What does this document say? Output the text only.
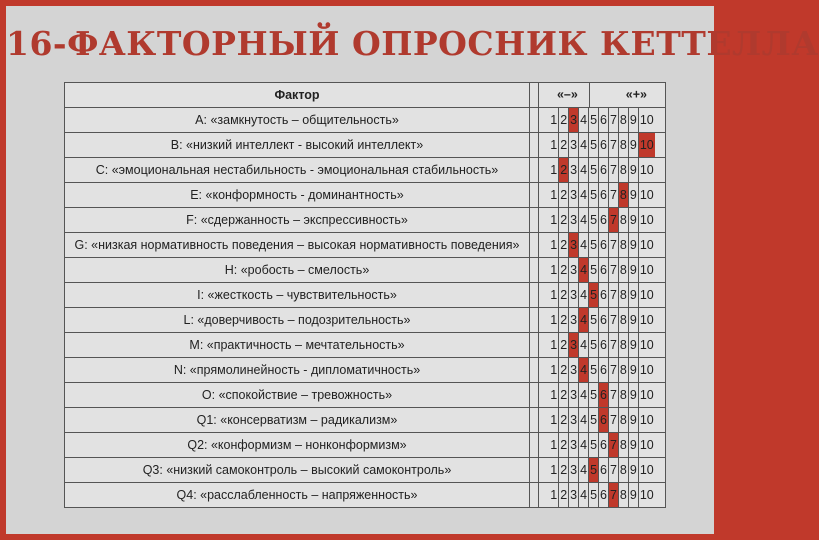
16-ФАКТОРНЫЙ ОПРОСНИК КЕТТЕЛЛА
Фактор		«–» «+»
А: «замкнутость – общительность»		1 2 3 4 5 6 7 8 9 10
В: «низкий интеллект - высокий интеллект»		1 2 3 4 5 6 7 8 9 10
С: «эмоциональная нестабильность - эмоциональная стабильность»		1 2 3 4 5 6 7 8 9 10
Е: «конформность - доминантность»		1 2 3 4 5 6 7 8 9 10
F: «сдержанность – экспрессивность»		1 2 3 4 5 6 7 8 9 10
G: «низкая нормативность поведения – высокая нормативность поведения»		1 2 3 4 5 6 7 8 9 10
Н: «робость – смелость»		1 2 3 4 5 6 7 8 9 10
I: «жесткость – чувствительность»		1 2 3 4 5 6 7 8 9 10
L: «доверчивость – подозрительность»		1 2 3 4 5 6 7 8 9 10
М: «практичность – мечтательность»		1 2 3 4 5 6 7 8 9 10
N: «прямолинейность - дипломатичность»		1 2 3 4 5 6 7 8 9 10
О: «спокойствие – тревожность»		1 2 3 4 5 6 7 8 9 10
Q1: «консерватизм – радикализм»		1 2 3 4 5 6 7 8 9 10
Q2: «конформизм – нонконформизм»		1 2 3 4 5 6 7 8 9 10
Q3: «низкий самоконтроль – высокий самоконтроль»		1 2 3 4 5 6 7 8 9 10
Q4: «расслабленность – напряженность»		1 2 3 4 5 6 7 8 9 10
